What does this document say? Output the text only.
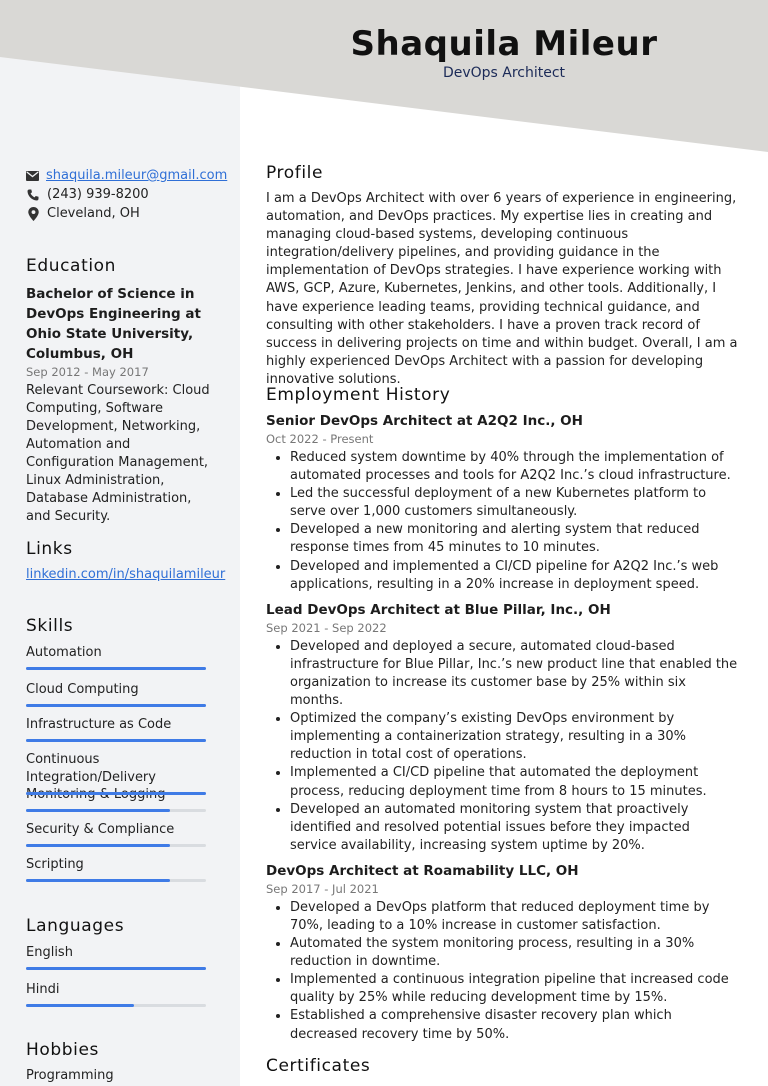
Shaquila Mileur
DevOps Architect
shaquila.mileur@gmail.com
(243) 939-8200
Cleveland, OH
Education
Bachelor of Science in DevOps Engineering at Ohio State University, Columbus, OH
Sep 2012 - May 2017
Relevant Coursework: Cloud Computing, Software Development, Networking, Automation and Configuration Management, Linux Administration, Database Administration, and Security.
Links
linkedin.com/in/shaquilamileur
Skills
Automation
Cloud Computing
Infrastructure as Code
Continuous Integration/Delivery
Security & Compliance
Scripting
Languages
English
Hindi
Hobbies
Programming
Profile

I am a DevOps Architect with over 6 years of experience in engineering, automation, and DevOps practices. My expertise lies in creating and managing cloud-based systems, developing continuous integration/delivery pipelines, and providing guidance in the implementation of DevOps strategies. I have experience working with AWS, GCP, Azure, Kubernetes, Jenkins, and other tools. Additionally, I have experience leading teams, providing technical guidance, and consulting with other stakeholders. I have a proven track record of success in delivering projects on time and within budget. Overall, I am a highly experienced DevOps Architect with a passion for developing innovative solutions.

Employment History
Senior DevOps Architect at A2Q2 Inc., OH
Oct 2022 - Present
• Reduced system downtime by 40% through the implementation of automated processes and tools for A2Q2 Inc.’s cloud infrastructure.
• Led the successful deployment of a new Kubernetes platform to serve over 1,000 customers simultaneously.
• Developed a new monitoring and alerting system that reduced response times from 45 minutes to 10 minutes.
• Developed and implemented a CI/CD pipeline for A2Q2 Inc.’s web applications, resulting in a 20% increase in deployment speed.
Lead DevOps Architect at Blue Pillar, Inc., OH
Sep 2021 - Sep 2022
• Developed and deployed a secure, automated cloud-based infrastructure for Blue Pillar, Inc.’s new product line that enabled the organization to increase its customer base by 25% within six months.
• Optimized the company’s existing DevOps environment by implementing a containerization strategy, resulting in a 30% reduction in total cost of operations.
• Implemented a CI/CD pipeline that automated the deployment process, reducing deployment time from 8 hours to 15 minutes.
• Developed an automated monitoring system that proactively identified and resolved potential issues before they impacted service availability, increasing system uptime by 20%.
DevOps Architect at Roamability LLC, OH
Sep 2017 - Jul 2021
• Developed a DevOps platform that reduced deployment time by 70%, leading to a 10% increase in customer satisfaction.
• Automated the system monitoring process, resulting in a 30% reduction in downtime.
• Implemented a continuous integration pipeline that increased code quality by 25% while reducing development time by 15%.
• Established a comprehensive disaster recovery plan which decreased recovery time by 50%.
Certificates
